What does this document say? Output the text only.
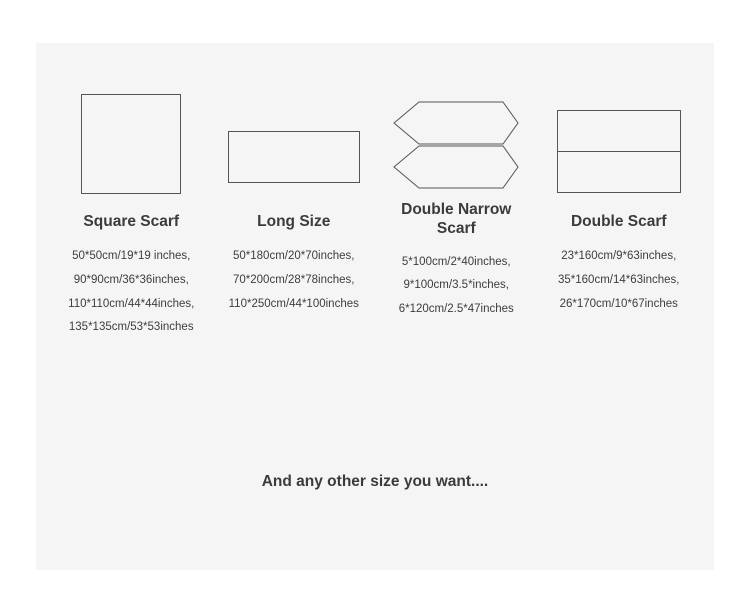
Square Scarf
50*50cm/19*19 inches,
90*90cm/36*36inches,
110*110cm/44*44inches,
135*135cm/53*53inches
Long Size
50*180cm/20*70inches,
70*200cm/28*78inches,
110*250cm/44*100inches
Double Narrow Scarf
5*100cm/2*40inches,
9*100cm/3.5*inches,
6*120cm/2.5*47inches
Double Scarf
23*160cm/9*63inches,
35*160cm/14*63inches,
26*170cm/10*67inches
And any other size you want....
